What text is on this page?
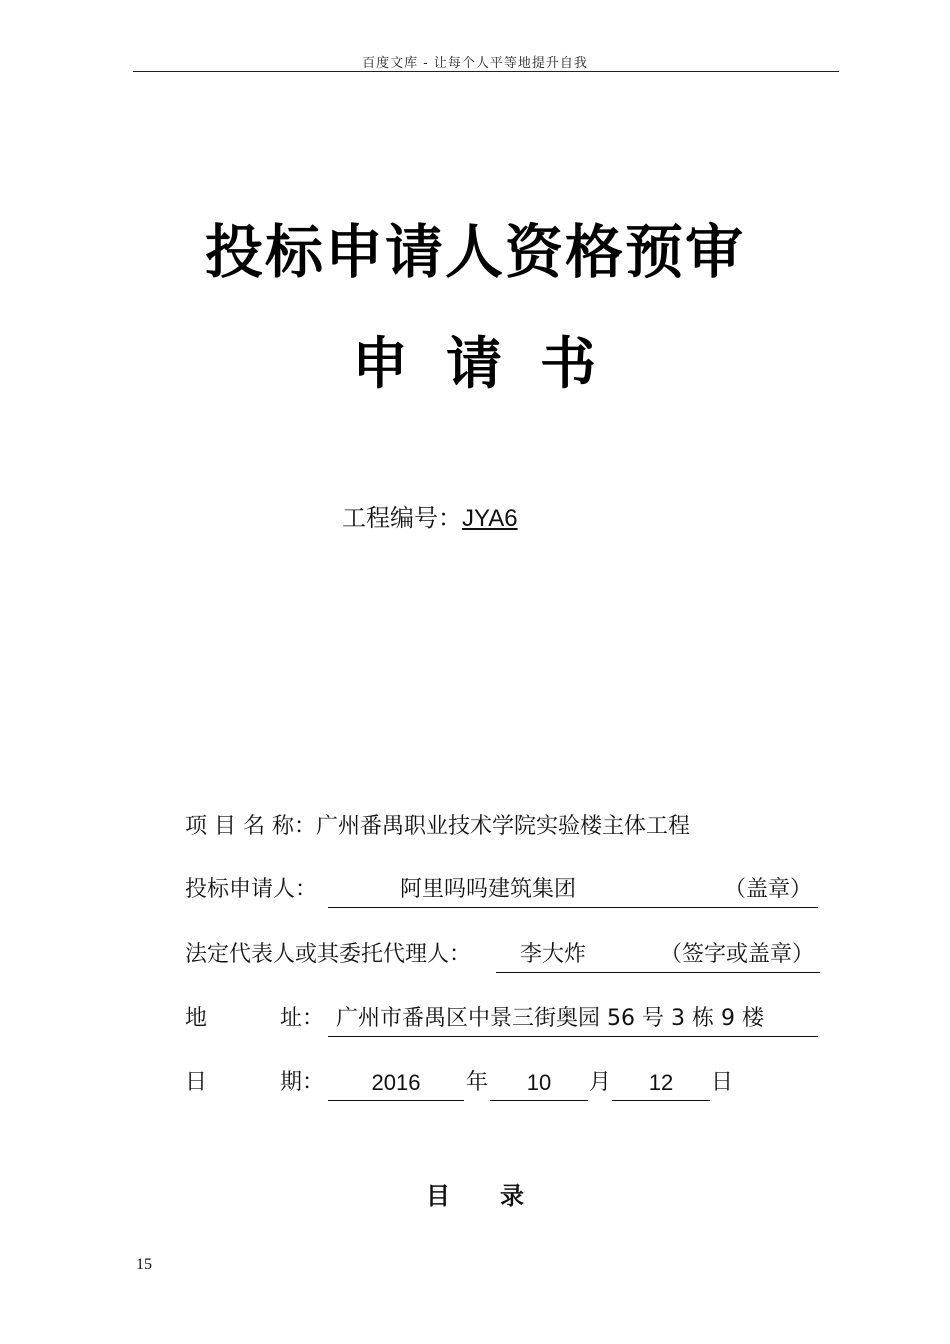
百度文库 - 让每个人平等地提升自我
投标申请人资格预审
申请书
工程编号：JYA6
项 目 名 称：广州番禺职业技术学院实验楼主体工程
投标申请人：	阿里吗吗建筑集团	（盖章）
法定代表人或其委托代理人： 李大炸	（签字或盖章）
地	址： 广州市番禺区中景三街奥园 56 号 3 栋 9 楼
日	期：	2016	年	10	月	12	日
目录
15
